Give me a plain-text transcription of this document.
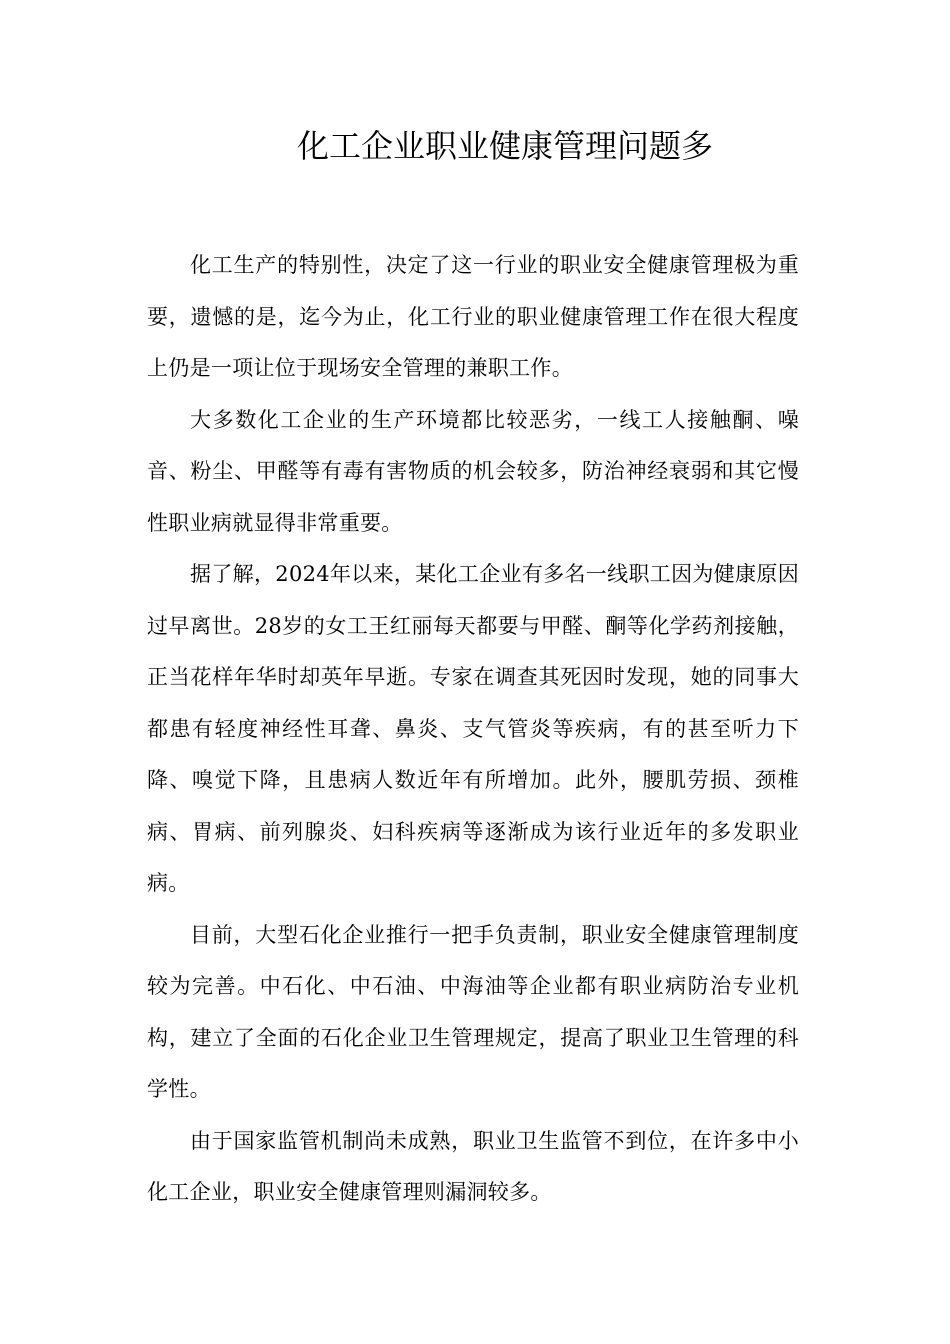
化工企业职业健康管理问题多

化工生产的特别性，决定了这一行业的职业安全健康管理极为重要，遗憾的是，迄今为止，化工行业的职业健康管理工作在很大程度上仍是一项让位于现场安全管理的兼职工作。

大多数化工企业的生产环境都比较恶劣，一线工人接触酮、噪音、粉尘、甲醛等有毒有害物质的机会较多，防治神经衰弱和其它慢性职业病就显得非常重要。

据了解，2024年以来，某化工企业有多名一线职工因为健康原因过早离世。28岁的女工王红丽每天都要与甲醛、酮等化学药剂接触，正当花样年华时却英年早逝。专家在调查其死因时发现，她的同事大都患有轻度神经性耳聋、鼻炎、支气管炎等疾病，有的甚至听力下降、嗅觉下降，且患病人数近年有所增加。此外，腰肌劳损、颈椎病、胃病、前列腺炎、妇科疾病等逐渐成为该行业近年的多发职业病。

目前，大型石化企业推行一把手负责制，职业安全健康管理制度较为完善。中石化、中石油、中海油等企业都有职业病防治专业机构，建立了全面的石化企业卫生管理规定，提高了职业卫生管理的科学性。

由于国家监管机制尚未成熟，职业卫生监管不到位，在许多中小化工企业，职业安全健康管理则漏洞较多。
